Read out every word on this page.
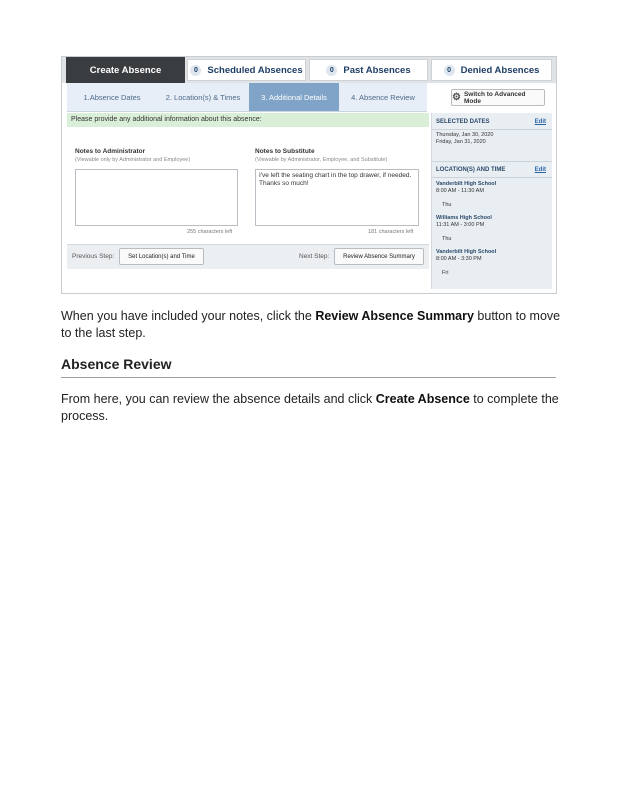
Create Absence	0	Scheduled Absences	0	Past Absences	0	Denied Absences
1.Absence Dates	2. Location(s) & Times	3. Additional Details	4. Absence Review	⚙ Switch to Advanced Mode
Please provide any additional information about this absence:
Notes to Administrator
(Viewable only by Administrator and Employee)
255 characters left
Notes to Substitute
(Viewable by Administrator, Employee, and Substitute)
I've left the seating chart in the top drawer, if needed. Thanks so much!
181 characters left
Previous Step:	Set Location(s) and Time	Next Step:	Review Absence Summary
SELECTED DATES	Edit
Thursday, Jan 30, 2020
Friday, Jan 31, 2020
LOCATION(S) AND TIME	Edit
Vanderbilt High School
8:00 AM - 11:30 AM
Thu
Williams High School
11:31 AM - 3:00 PM
Thu
Vanderbilt High School
8:00 AM - 3:30 PM
Fri
When you have included your notes, click the Review Absence Summary button to move to the last step.
Absence Review
From here, you can review the absence details and click Create Absence to complete the process.
